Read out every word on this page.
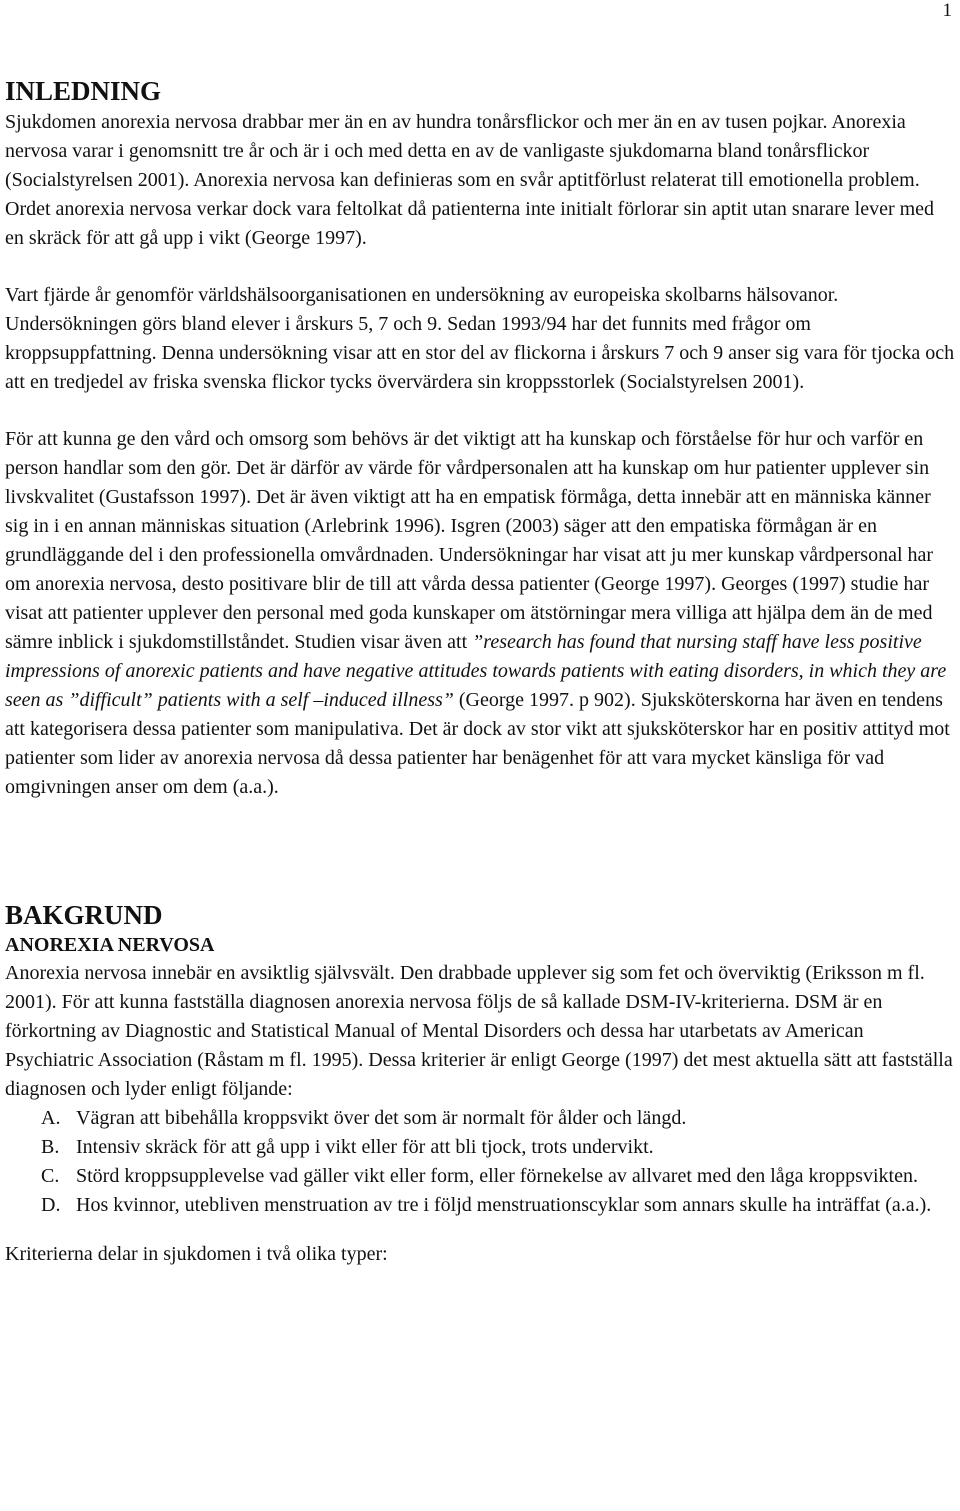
1
INLEDNING

Sjukdomen anorexia nervosa drabbar mer än en av hundra tonårsflickor och mer än en av tusen pojkar. Anorexia nervosa varar i genomsnitt tre år och är i och med detta en av de vanligaste sjukdomarna bland tonårsflickor (Socialstyrelsen 2001). Anorexia nervosa kan definieras som en svår aptitförlust relaterat till emotionella problem. Ordet anorexia nervosa verkar dock vara feltolkat då patienterna inte initialt förlorar sin aptit utan snarare lever med en skräck för att gå upp i vikt (George 1997).

Vart fjärde år genomför världshälsoorganisationen en undersökning av europeiska skolbarns hälsovanor. Undersökningen görs bland elever i årskurs 5, 7 och 9. Sedan 1993/94 har det funnits med frågor om kroppsuppfattning. Denna undersökning visar att en stor del av flickorna i årskurs 7 och 9 anser sig vara för tjocka och att en tredjedel av friska svenska flickor tycks övervärdera sin kroppsstorlek (Socialstyrelsen 2001).

För att kunna ge den vård och omsorg som behövs är det viktigt att ha kunskap och förståelse för hur och varför en person handlar som den gör. Det är därför av värde för vårdpersonalen att ha kunskap om hur patienter upplever sin livskvalitet (Gustafsson 1997). Det är även viktigt att ha en empatisk förmåga, detta innebär att en människa känner sig in i en annan människas situation (Arlebrink 1996). Isgren (2003) säger att den empatiska förmågan är en grundläggande del i den professionella omvårdnaden. Undersökningar har visat att ju mer kunskap vårdpersonal har om anorexia nervosa, desto positivare blir de till att vårda dessa patienter (George 1997). Georges (1997) studie har visat att patienter upplever den personal med goda kunskaper om ätstörningar mera villiga att hjälpa dem än de med sämre inblick i sjukdomstillståndet. Studien visar även att ”research has found that nursing staff have less positive impressions of anorexic patients and have negative attitudes towards patients with eating disorders, in which they are seen as ”difficult” patients with a self –induced illness” (George 1997. p 902). Sjuksköterskorna har även en tendens att kategorisera dessa patienter som manipulativa. Det är dock av stor vikt att sjuksköterskor har en positiv attityd mot patienter som lider av anorexia nervosa då dessa patienter har benägenhet för att vara mycket känsliga för vad omgivningen anser om dem (a.a.).

BAKGRUND
ANOREXIA NERVOSA

Anorexia nervosa innebär en avsiktlig självsvält. Den drabbade upplever sig som fet och överviktig (Eriksson m fl. 2001). För att kunna fastställa diagnosen anorexia nervosa följs de så kallade DSM-IV-kriterierna. DSM är en förkortning av Diagnostic and Statistical Manual of Mental Disorders och dessa har utarbetats av American Psychiatric Association (Råstam m fl. 1995). Dessa kriterier är enligt George (1997) det mest aktuella sätt att fastställa diagnosen och lyder enligt följande:

A. Vägran att bibehålla kroppsvikt över det som är normalt för ålder och längd.
B. Intensiv skräck för att gå upp i vikt eller för att bli tjock, trots undervikt.
C. Störd kroppsupplevelse vad gäller vikt eller form, eller förnekelse av allvaret med den låga kroppsvikten.
D. Hos kvinnor, utebliven menstruation av tre i följd menstruationscyklar som annars skulle ha inträffat (a.a.).

Kriterierna delar in sjukdomen i två olika typer:
